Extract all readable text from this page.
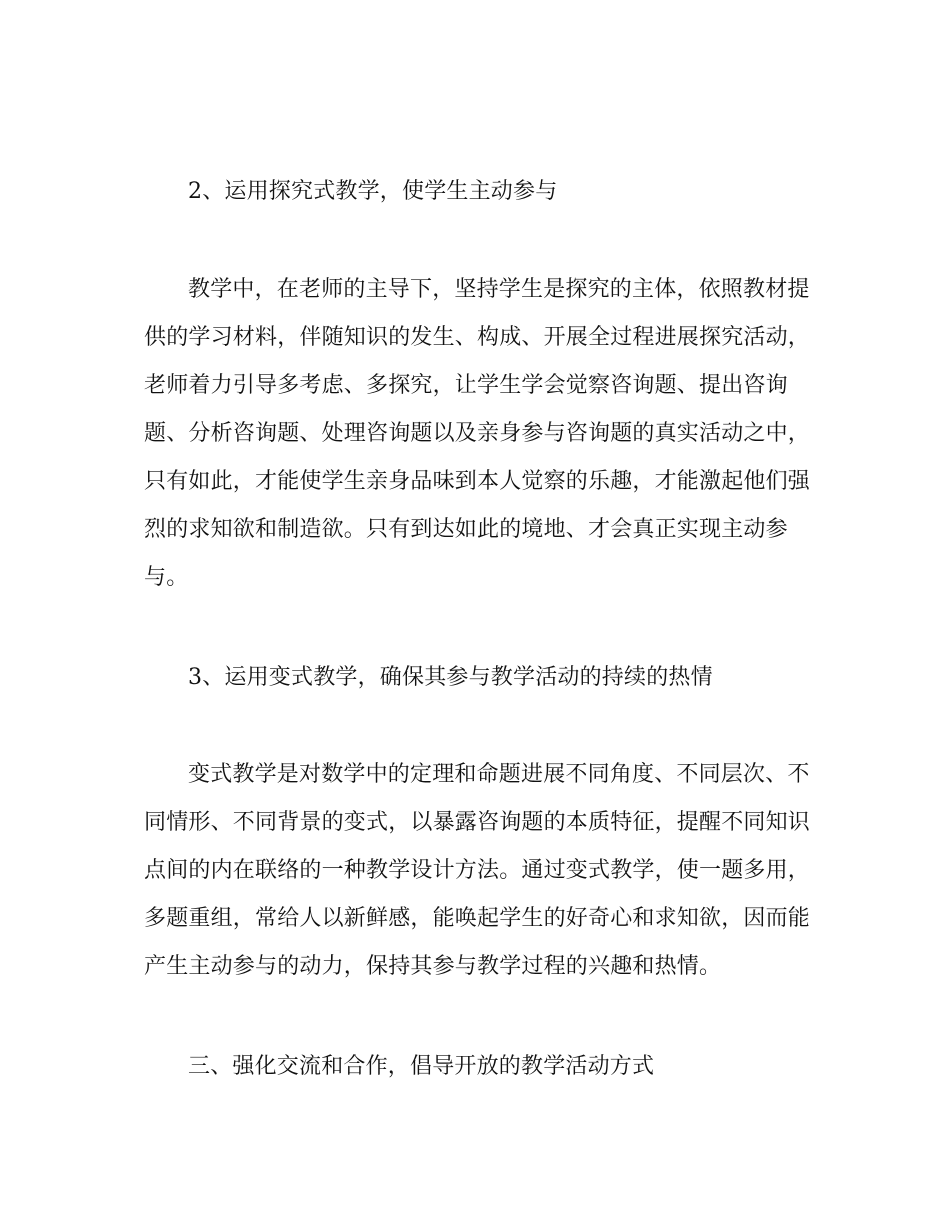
2、运用探究式教学，使学生主动参与
教学中，在老师的主导下，坚持学生是探究的主体，依照教材提
供的学习材料，伴随知识的发生、构成、开展全过程进展探究活动，
老师着力引导多考虑、多探究，让学生学会觉察咨询题、提出咨询
题、分析咨询题、处理咨询题以及亲身参与咨询题的真实活动之中，
只有如此，才能使学生亲身品味到本人觉察的乐趣，才能激起他们强
烈的求知欲和制造欲。只有到达如此的境地、才会真正实现主动参
与。
3、运用变式教学，确保其参与教学活动的持续的热情
变式教学是对数学中的定理和命题进展不同角度、不同层次、不
同情形、不同背景的变式，以暴露咨询题的本质特征，提醒不同知识
点间的内在联络的一种教学设计方法。通过变式教学，使一题多用，
多题重组，常给人以新鲜感，能唤起学生的好奇心和求知欲，因而能
产生主动参与的动力，保持其参与教学过程的兴趣和热情。
三、强化交流和合作，倡导开放的教学活动方式
